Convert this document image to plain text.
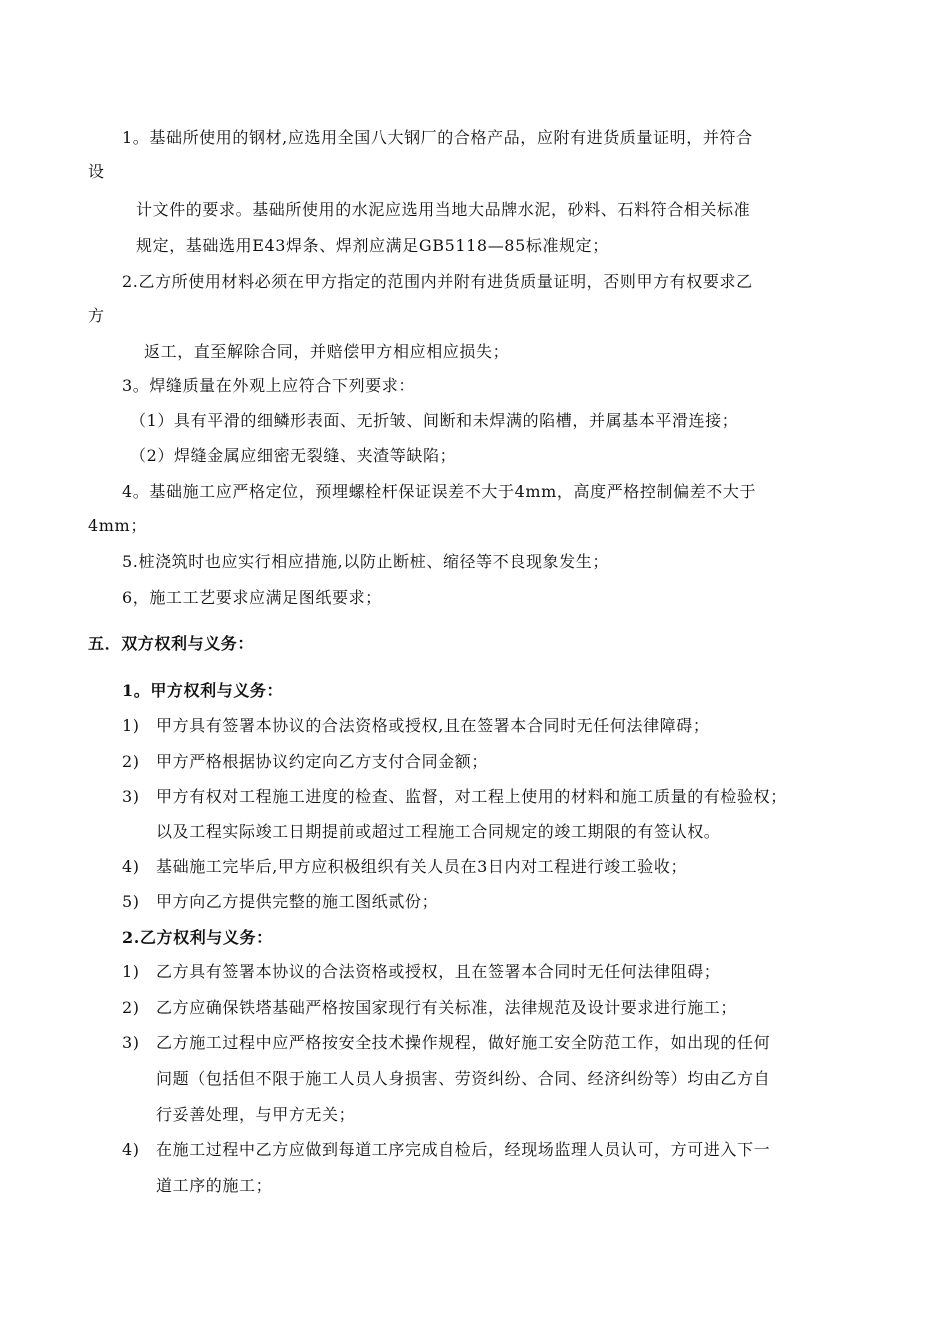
1。基础所使用的钢材,应选用全国八大钢厂的合格产品，应附有进货质量证明，并符合
设
计文件的要求。基础所使用的水泥应选用当地大品牌水泥，砂料、石料符合相关标准
规定，基础选用E43焊条、焊剂应满足GB5118—85标准规定；
2.乙方所使用材料必须在甲方指定的范围内并附有进货质量证明，否则甲方有权要求乙
方
返工，直至解除合同，并赔偿甲方相应相应损失；
3。焊缝质量在外观上应符合下列要求：
（1）具有平滑的细鳞形表面、无折皱、间断和未焊满的陷槽，并属基本平滑连接；
（2）焊缝金属应细密无裂缝、夹渣等缺陷；
4。基础施工应严格定位，预埋螺栓杆保证误差不大于4mm，高度严格控制偏差不大于
4mm；
5.桩浇筑时也应实行相应措施,以防止断桩、缩径等不良现象发生；
6，施工工艺要求应满足图纸要求；
五．双方权利与义务：
1。甲方权利与义务：
1) 甲方具有签署本协议的合法资格或授权,且在签署本合同时无任何法律障碍；
2) 甲方严格根据协议约定向乙方支付合同金额；
3) 甲方有权对工程施工进度的检查、监督，对工程上使用的材料和施工质量的有检验权；
以及工程实际竣工日期提前或超过工程施工合同规定的竣工期限的有签认权。
4) 基础施工完毕后,甲方应积极组织有关人员在3日内对工程进行竣工验收；
5) 甲方向乙方提供完整的施工图纸贰份；
2.乙方权利与义务：
1) 乙方具有签署本协议的合法资格或授权，且在签署本合同时无任何法律阻碍；
2) 乙方应确保铁塔基础严格按国家现行有关标准，法律规范及设计要求进行施工；
3) 乙方施工过程中应严格按安全技术操作规程，做好施工安全防范工作，如出现的任何
问题（包括但不限于施工人员人身损害、劳资纠纷、合同、经济纠纷等）均由乙方自
行妥善处理，与甲方无关；
4) 在施工过程中乙方应做到每道工序完成自检后，经现场监理人员认可，方可进入下一
道工序的施工；
